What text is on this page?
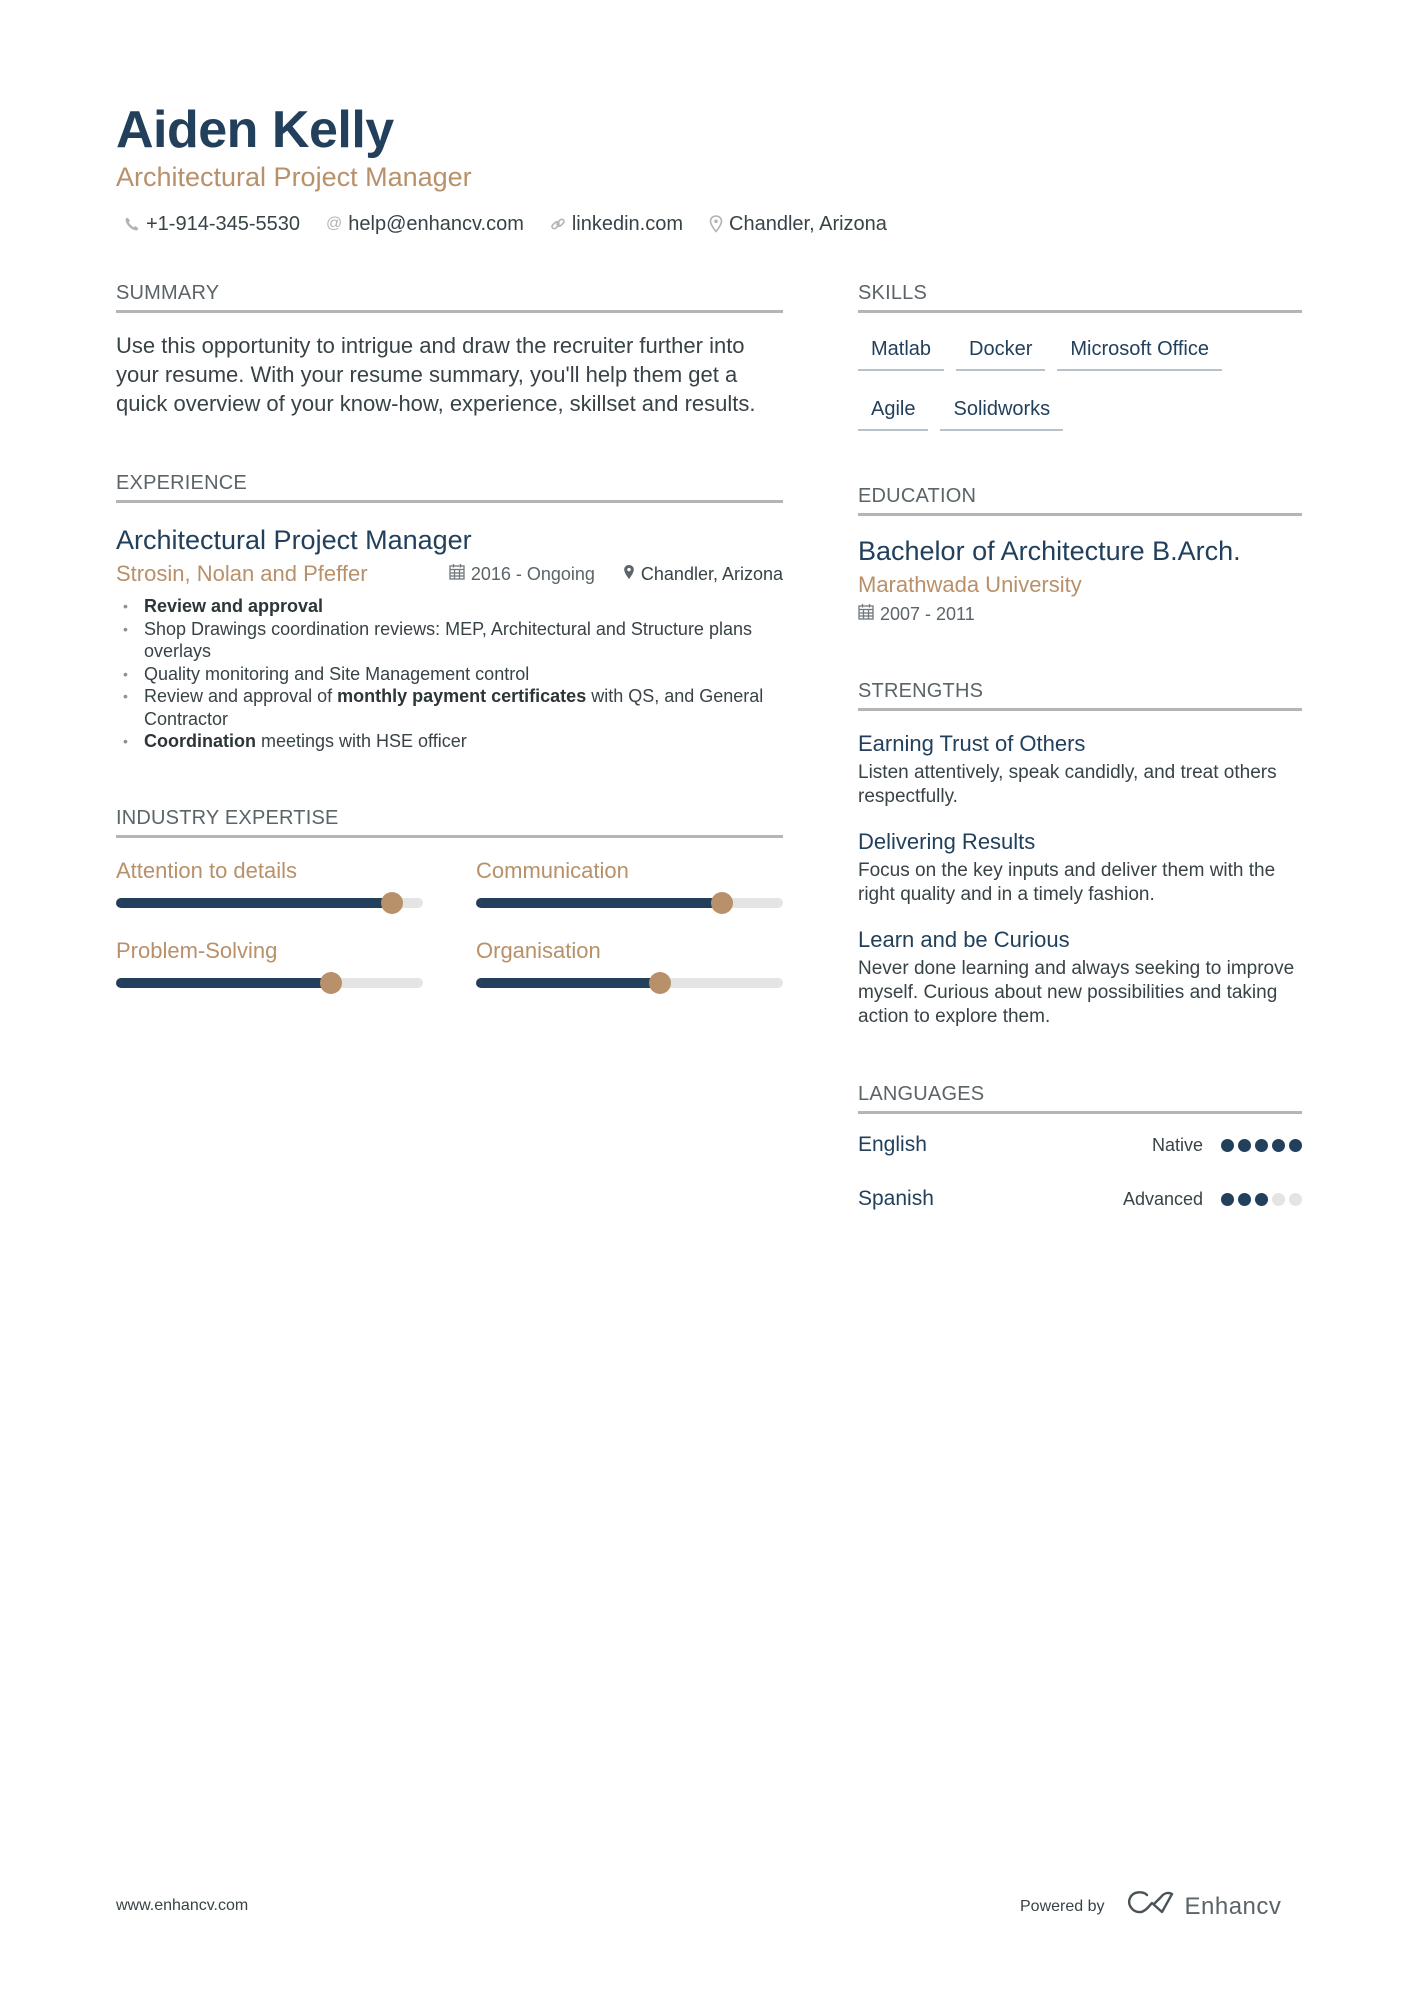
Aiden Kelly
Architectural Project Manager
+1-914-345-5530 @ help@enhancv.com linkedin.com Chandler, Arizona
SUMMARY

Use this opportunity to intrigue and draw the recruiter further into your resume. With your resume summary, you'll help them get a quick overview of your know-how, experience, skillset and results.

EXPERIENCE
Architectural Project Manager
Strosin, Nolan and Pfeffer	2016 - Ongoing	Chandler, Arizona
• Review and approval
• Shop Drawings coordination reviews: MEP, Architectural and Structure plans overlays
• Quality monitoring and Site Management control
• Review and approval of monthly payment certificates with QS, and General Contractor
• Coordination meetings with HSE officer
INDUSTRY EXPERTISE
Attention to details	Communication
Problem-Solving	Organisation
SKILLS
Matlab	Docker	Microsoft Office
Agile	Solidworks
EDUCATION
Bachelor of Architecture B.Arch.
Marathwada University
2007 - 2011
STRENGTHS
Earning Trust of Others
Listen attentively, speak candidly, and treat others respectfully.
Delivering Results
Focus on the key inputs and deliver them with the right quality and in a timely fashion.
Learn and be Curious
Never done learning and always seeking to improve myself. Curious about new possibilities and taking action to explore them.
LANGUAGES
English	Native
Spanish	Advanced
www.enhancv.com	Powered by	Enhancv
